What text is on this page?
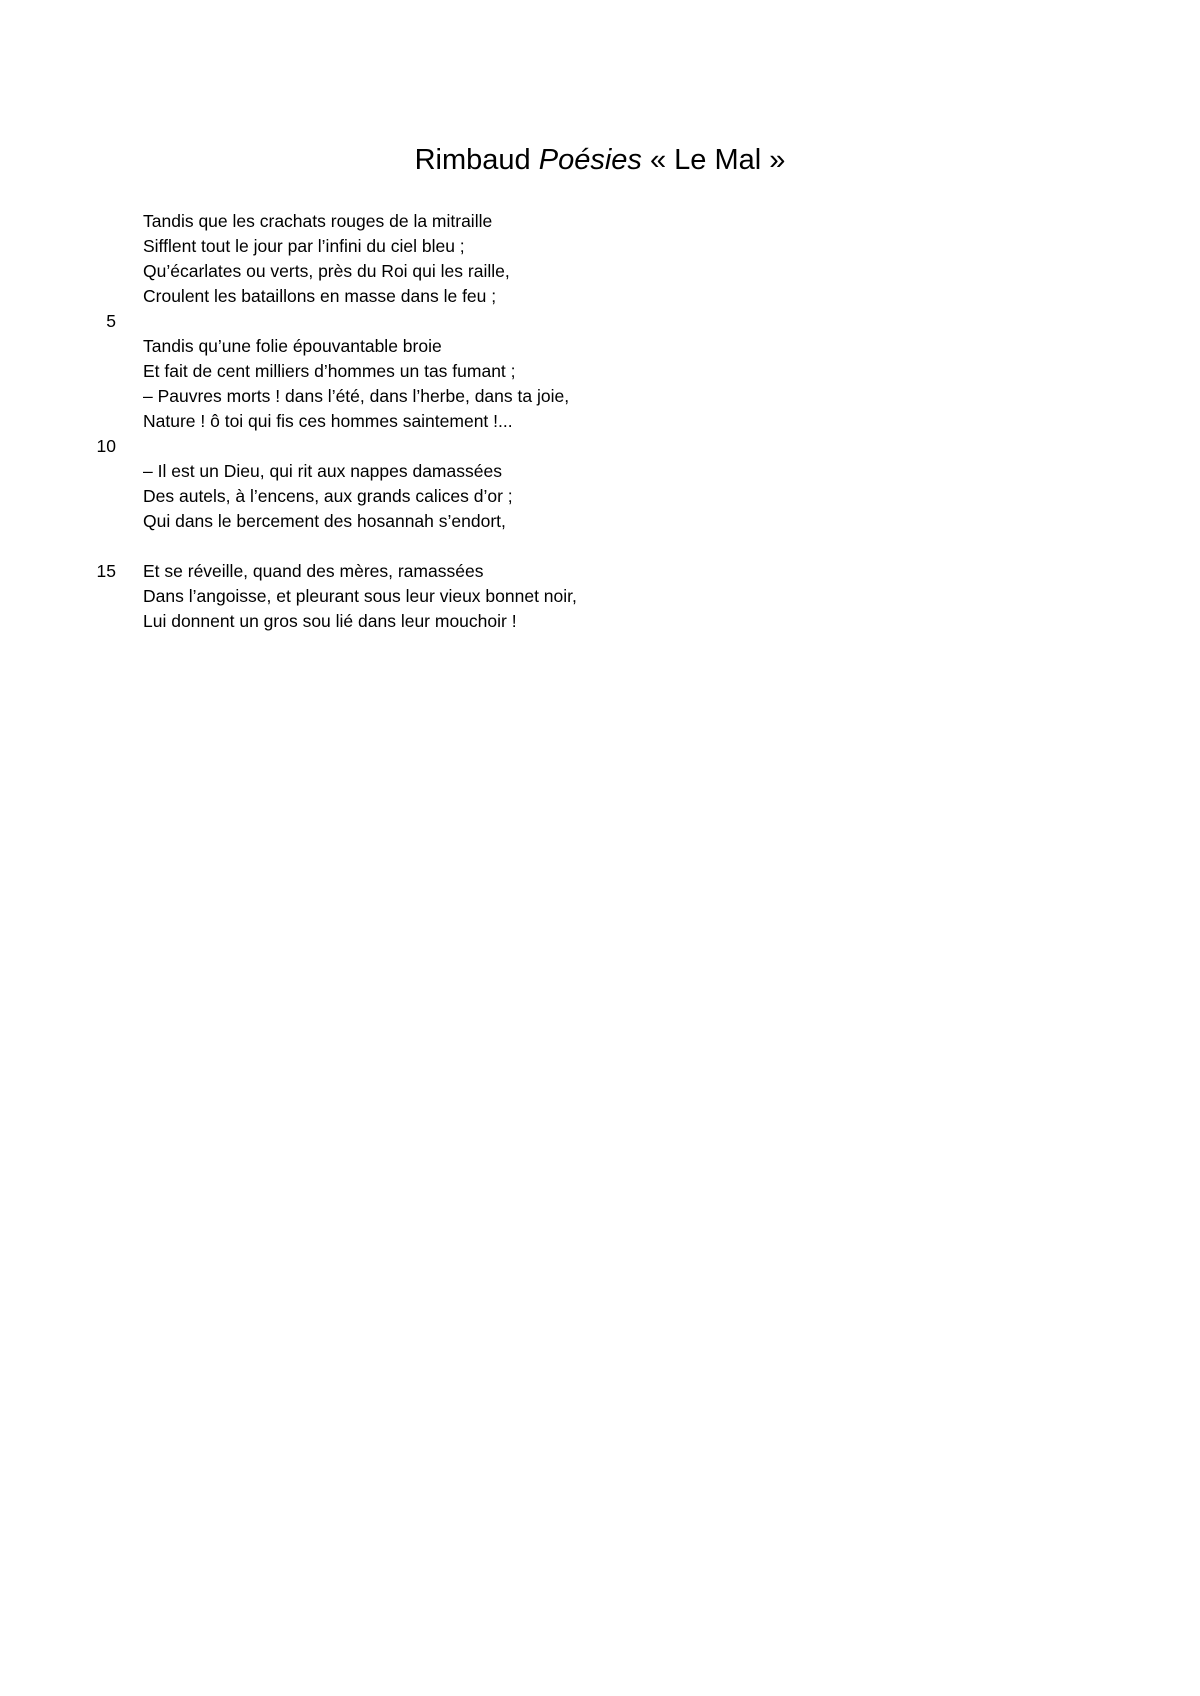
Rimbaud Poésies « Le Mal »
Tandis que les crachats rouges de la mitraille
Sifflent tout le jour par l’infini du ciel bleu ;
Qu’écarlates ou verts, près du Roi qui les raille,
Croulent les bataillons en masse dans le feu ;
5
Tandis qu’une folie épouvantable broie
Et fait de cent milliers d’hommes un tas fumant ;
– Pauvres morts ! dans l’été, dans l’herbe, dans ta joie,
Nature ! ô toi qui fis ces hommes saintement !...
10
– Il est un Dieu, qui rit aux nappes damassées
Des autels, à l’encens, aux grands calices d’or ;
Qui dans le bercement des hosannah s’endort,
15 Et se réveille, quand des mères, ramassées
Dans l’angoisse, et pleurant sous leur vieux bonnet noir,
Lui donnent un gros sou lié dans leur mouchoir !
